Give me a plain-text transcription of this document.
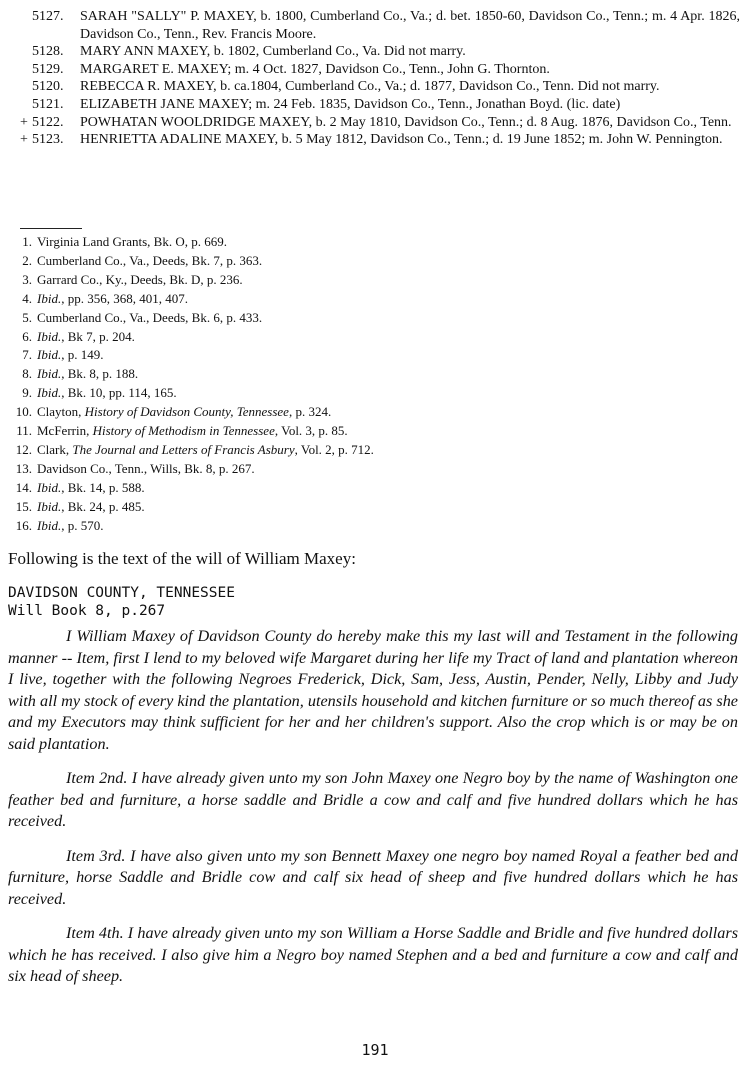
5127.	SARAH "SALLY" P. MAXEY, b. 1800, Cumberland Co., Va.; d. bet. 1850-60, Davidson Co., Tenn.; m. 4 Apr. 1826, Davidson Co., Tenn., Rev. Francis Moore.
5128.	MARY ANN MAXEY, b. 1802, Cumberland Co., Va. Did not marry.
5129.	MARGARET E. MAXEY; m. 4 Oct. 1827, Davidson Co., Tenn., John G. Thornton.
5120.	REBECCA R. MAXEY, b. ca.1804, Cumberland Co., Va.; d. 1877, Davidson Co., Tenn. Did not marry.
5121.	ELIZABETH JANE MAXEY; m. 24 Feb. 1835, Davidson Co., Tenn., Jonathan Boyd. (lic. date)
+ 5122.	POWHATAN WOOLDRIDGE MAXEY, b. 2 May 1810, Davidson Co., Tenn.; d. 8 Aug. 1876, Davidson Co., Tenn.
+ 5123.	HENRIETTA ADALINE MAXEY, b. 5 May 1812, Davidson Co., Tenn.; d. 19 June 1852; m. John W. Pennington.
1. Virginia Land Grants, Bk. O, p. 669.
2. Cumberland Co., Va., Deeds, Bk. 7, p. 363.
3. Garrard Co., Ky., Deeds, Bk. D, p. 236.
4. Ibid., pp. 356, 368, 401, 407.
5. Cumberland Co., Va., Deeds, Bk. 6, p. 433.
6. Ibid., Bk 7, p. 204.
7. Ibid., p. 149.
8. Ibid., Bk. 8, p. 188.
9. Ibid., Bk. 10, pp. 114, 165.
10. Clayton, History of Davidson County, Tennessee, p. 324.
11. McFerrin, History of Methodism in Tennessee, Vol. 3, p. 85.
12. Clark, The Journal and Letters of Francis Asbury, Vol. 2, p. 712.
13. Davidson Co., Tenn., Wills, Bk. 8, p. 267.
14. Ibid., Bk. 14, p. 588.
15. Ibid., Bk. 24, p. 485.
16. Ibid., p. 570.
Following is the text of the will of William Maxey:
DAVIDSON COUNTY, TENNESSEE
Will Book 8, p.267

I William Maxey of Davidson County do hereby make this my last will and Testament in the following manner -- Item, first I lend to my beloved wife Margaret during her life my Tract of land and plantation whereon I live, together with the following Negroes Frederick, Dick, Sam, Jess, Austin, Pender, Nelly, Libby and Judy with all my stock of every kind the plantation, utensils household and kitchen furniture or so much thereof as she and my Executors may think sufficient for her and her children's support. Also the crop which is or may be on said plantation.

Item 2nd. I have already given unto my son John Maxey one Negro boy by the name of Washington one feather bed and furniture, a horse saddle and Bridle a cow and calf and five hundred dollars which he has received.

Item 3rd. I have also given unto my son Bennett Maxey one negro boy named Royal a feather bed and furniture, horse Saddle and Bridle cow and calf six head of sheep and five hundred dollars which he has received.

Item 4th. I have already given unto my son William a Horse Saddle and Bridle and five hundred dollars which he has received. I also give him a Negro boy named Stephen and a bed and furniture a cow and calf and six head of sheep.

191
